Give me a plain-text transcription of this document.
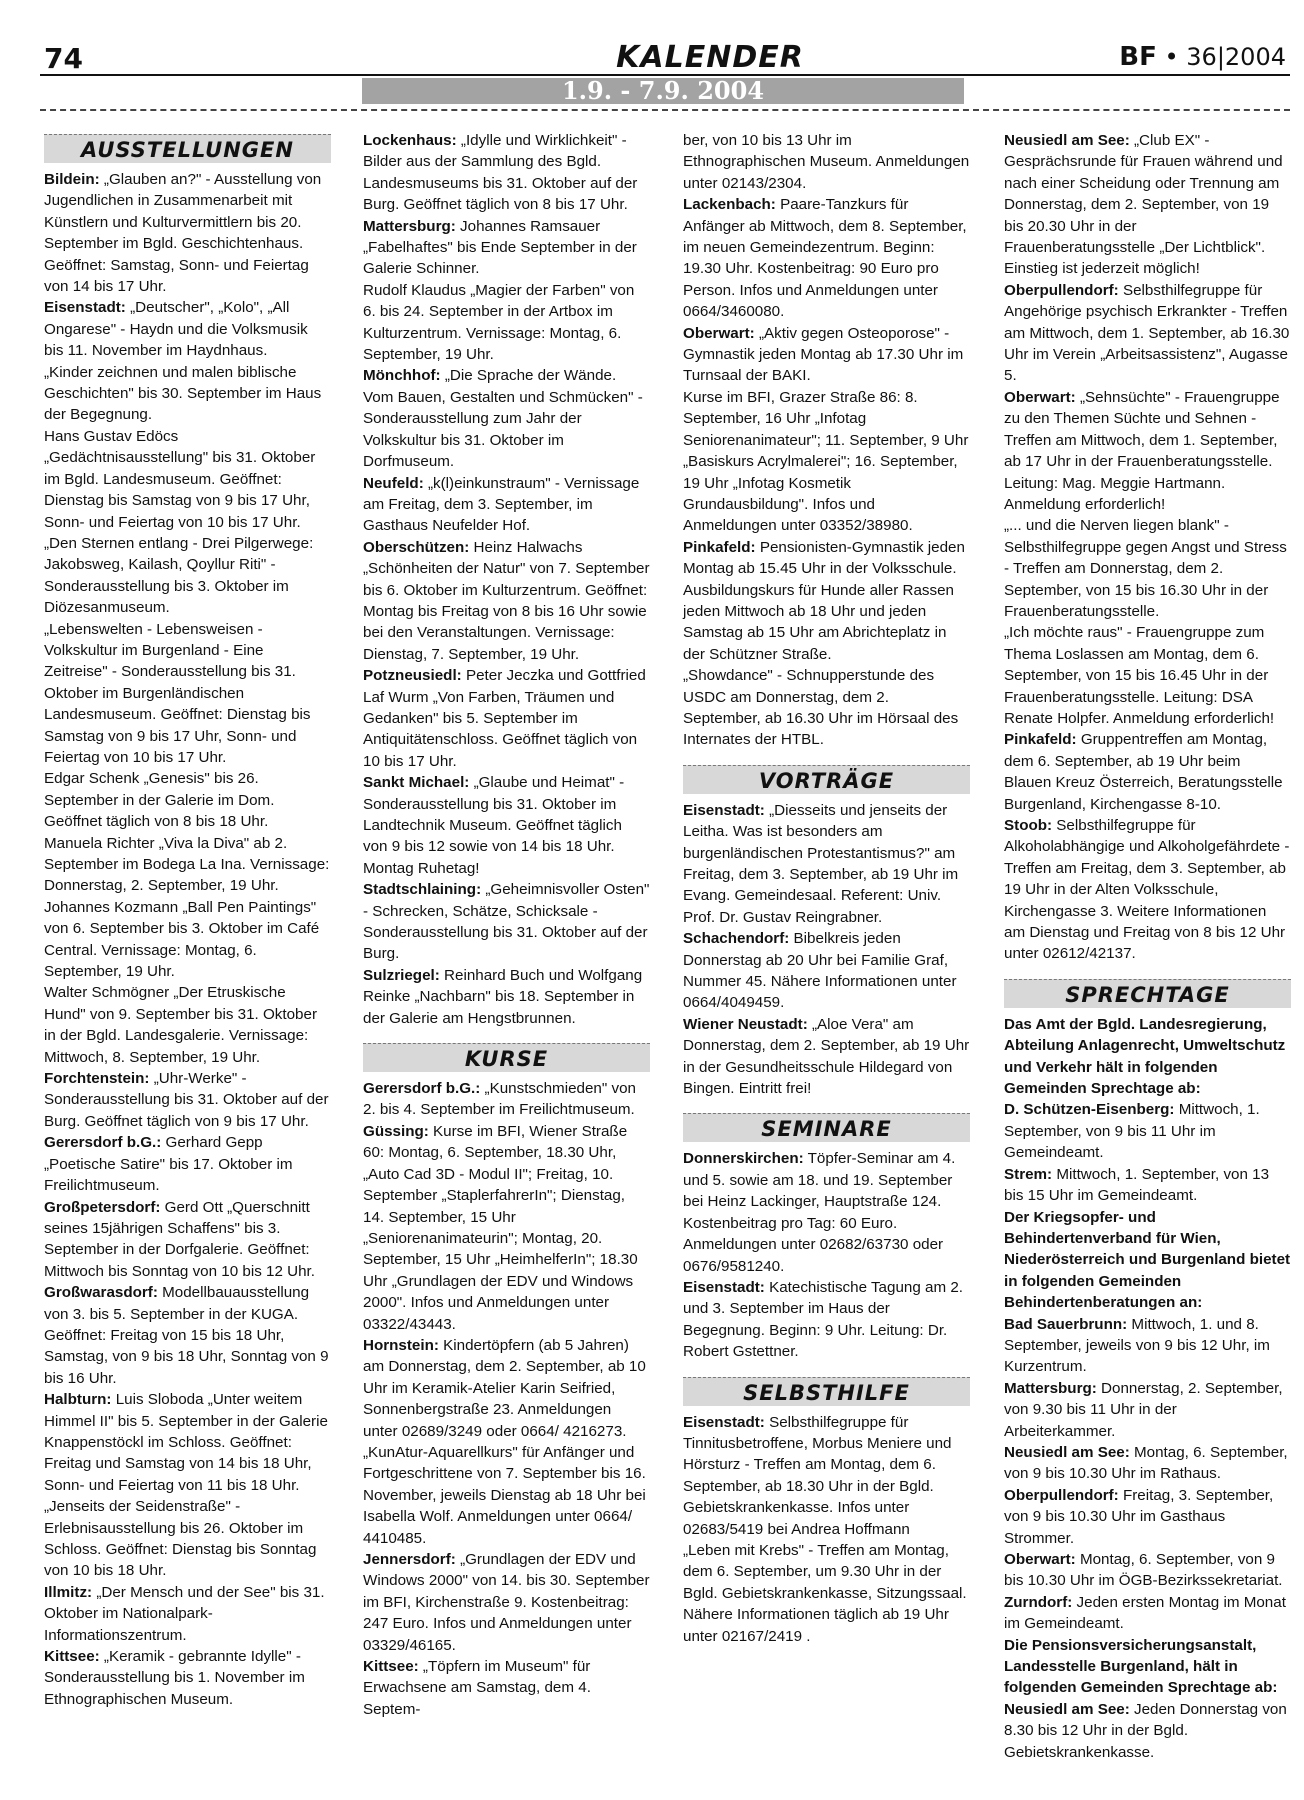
74	KALENDER
1.9. - 7.9. 2004
BF • 36|2004
AUSSTELLUNGEN

Bildein: „Glauben an?" - Ausstellung von Jugendlichen in Zusammenarbeit mit Künstlern und Kulturvermittlern bis 20. September im Bgld. Geschichtenhaus. Geöffnet: Samstag, Sonn- und Feiertag von 14 bis 17 Uhr.

Eisenstadt: „Deutscher", „Kolo", „All Ongarese" - Haydn und die Volksmusik bis 11. November im Haydnhaus.

„Kinder zeichnen und malen biblische Geschichten" bis 30. September im Haus der Begegnung.

Hans Gustav Edöcs „Gedächtnisausstellung" bis 31. Oktober im Bgld. Landesmuseum. Geöffnet: Dienstag bis Samstag von 9 bis 17 Uhr, Sonn- und Feiertag von 10 bis 17 Uhr.

„Den Sternen entlang - Drei Pilgerwege: Jakobsweg, Kailash, Qoyllur Riti" - Sonderausstellung bis 3. Oktober im Diözesanmuseum.

„Lebenswelten - Lebensweisen - Volkskultur im Burgenland - Eine Zeitreise" - Sonderausstellung bis 31. Oktober im Burgenländischen Landesmuseum. Geöffnet: Dienstag bis Samstag von 9 bis 17 Uhr, Sonn- und Feiertag von 10 bis 17 Uhr.

Edgar Schenk „Genesis" bis 26. September in der Galerie im Dom. Geöffnet täglich von 8 bis 18 Uhr.

Manuela Richter „Viva la Diva" ab 2. September im Bodega La Ina. Vernissage: Donnerstag, 2. September, 19 Uhr.

Johannes Kozmann „Ball Pen Paintings" von 6. September bis 3. Oktober im Café Central. Vernissage: Montag, 6. September, 19 Uhr.

Walter Schmögner „Der Etruskische Hund" von 9. September bis 31. Oktober in der Bgld. Landesgalerie. Vernissage: Mittwoch, 8. September, 19 Uhr.

Forchtenstein: „Uhr-Werke" - Sonderausstellung bis 31. Oktober auf der Burg. Geöffnet täglich von 9 bis 17 Uhr.

Gerersdorf b.G.: Gerhard Gepp „Poetische Satire" bis 17. Oktober im Freilichtmuseum.

Großpetersdorf: Gerd Ott „Querschnitt seines 15jährigen Schaffens" bis 3. September in der Dorfgalerie. Geöffnet: Mittwoch bis Sonntag von 10 bis 12 Uhr.

Großwarasdorf: Modellbauausstellung von 3. bis 5. September in der KUGA. Geöffnet: Freitag von 15 bis 18 Uhr, Samstag, von 9 bis 18 Uhr, Sonntag von 9 bis 16 Uhr.

Halbturn: Luis Sloboda „Unter weitem Himmel II" bis 5. September in der Galerie Knappenstöckl im Schloss. Geöffnet: Freitag und Samstag von 14 bis 18 Uhr, Sonn- und Feiertag von 11 bis 18 Uhr.

„Jenseits der Seidenstraße" - Erlebnisausstellung bis 26. Oktober im Schloss. Geöffnet: Dienstag bis Sonntag von 10 bis 18 Uhr.

Illmitz: „Der Mensch und der See" bis 31. Oktober im Nationalpark-Informationszentrum.

Kittsee: „Keramik - gebrannte Idylle" - Sonderausstellung bis 1. November im Ethnographischen Museum.

Lockenhaus: „Idylle und Wirklichkeit" - Bilder aus der Sammlung des Bgld. Landesmuseums bis 31. Oktober auf der Burg. Geöffnet täglich von 8 bis 17 Uhr.

Mattersburg: Johannes Ramsauer „Fabelhaftes" bis Ende September in der Galerie Schinner.

Rudolf Klaudus „Magier der Farben" von 6. bis 24. September in der Artbox im Kulturzentrum. Vernissage: Montag, 6. September, 19 Uhr.

Mönchhof: „Die Sprache der Wände. Vom Bauen, Gestalten und Schmücken" - Sonderausstellung zum Jahr der Volkskultur bis 31. Oktober im Dorfmuseum.

Neufeld: „k(l)einkunstraum" - Vernissage am Freitag, dem 3. September, im Gasthaus Neufelder Hof.

Oberschützen: Heinz Halwachs „Schönheiten der Natur" von 7. September bis 6. Oktober im Kulturzentrum. Geöffnet: Montag bis Freitag von 8 bis 16 Uhr sowie bei den Veranstaltungen. Vernissage: Dienstag, 7. September, 19 Uhr.

Potzneusiedl: Peter Jeczka und Gottfried Laf Wurm „Von Farben, Träumen und Gedanken" bis 5. September im Antiquitätenschloss. Geöffnet täglich von 10 bis 17 Uhr.

Sankt Michael: „Glaube und Heimat" - Sonderausstellung bis 31. Oktober im Landtechnik Museum. Geöffnet täglich von 9 bis 12 sowie von 14 bis 18 Uhr. Montag Ruhetag!

Stadtschlaining: „Geheimnisvoller Osten" - Schrecken, Schätze, Schicksale - Sonderausstellung bis 31. Oktober auf der Burg.

Sulzriegel: Reinhard Buch und Wolfgang Reinke „Nachbarn" bis 18. September in der Galerie am Hengstbrunnen.

KURSE

Gerersdorf b.G.: „Kunstschmieden" von 2. bis 4. September im Freilichtmuseum.

Güssing: Kurse im BFI, Wiener Straße 60: Montag, 6. September, 18.30 Uhr, „Auto Cad 3D - Modul II"; Freitag, 10. September „StaplerfahrerIn"; Dienstag, 14. September, 15 Uhr „Seniorenanimateurin"; Montag, 20. September, 15 Uhr „HeimhelferIn"; 18.30 Uhr „Grundlagen der EDV und Windows 2000". Infos und Anmeldungen unter 03322/43443.

Hornstein: Kindertöpfern (ab 5 Jahren) am Donnerstag, dem 2. September, ab 10 Uhr im Keramik-Atelier Karin Seifried, Sonnenbergstraße 23. Anmeldungen unter 02689/3249 oder 0664/ 4216273.

„KunAtur-Aquarellkurs" für Anfänger und Fortgeschrittene von 7. September bis 16. November, jeweils Dienstag ab 18 Uhr bei Isabella Wolf. Anmeldungen unter 0664/ 4410485.

Jennersdorf: „Grundlagen der EDV und Windows 2000" von 14. bis 30. September im BFI, Kirchenstraße 9. Kostenbeitrag: 247 Euro. Infos und Anmeldungen unter 03329/46165.

Kittsee: „Töpfern im Museum" für Erwachsene am Samstag, dem 4. Septem-

ber, von 10 bis 13 Uhr im Ethnographischen Museum. Anmeldungen unter 02143/2304.

Lackenbach: Paare-Tanzkurs für Anfänger ab Mittwoch, dem 8. September, im neuen Gemeindezentrum. Beginn: 19.30 Uhr. Kostenbeitrag: 90 Euro pro Person. Infos und Anmeldungen unter 0664/3460080.

Oberwart: „Aktiv gegen Osteoporose" - Gymnastik jeden Montag ab 17.30 Uhr im Turnsaal der BAKI.

Kurse im BFI, Grazer Straße 86: 8. September, 16 Uhr „Infotag Seniorenanimateur"; 11. September, 9 Uhr „Basiskurs Acrylmalerei"; 16. September, 19 Uhr „Infotag Kosmetik Grundausbildung". Infos und Anmeldungen unter 03352/38980.

Pinkafeld: Pensionisten-Gymnastik jeden Montag ab 15.45 Uhr in der Volksschule.

Ausbildungskurs für Hunde aller Rassen jeden Mittwoch ab 18 Uhr und jeden Samstag ab 15 Uhr am Abrichteplatz in der Schützner Straße.

„Showdance" - Schnupperstunde des USDC am Donnerstag, dem 2. September, ab 16.30 Uhr im Hörsaal des Internates der HTBL.

VORTRÄGE

Eisenstadt: „Diesseits und jenseits der Leitha. Was ist besonders am burgenländischen Protestantismus?" am Freitag, dem 3. September, ab 19 Uhr im Evang. Gemeindesaal. Referent: Univ. Prof. Dr. Gustav Reingrabner.

Schachendorf: Bibelkreis jeden Donnerstag ab 20 Uhr bei Familie Graf, Nummer 45. Nähere Informationen unter 0664/4049459.

Wiener Neustadt: „Aloe Vera" am Donnerstag, dem 2. September, ab 19 Uhr in der Gesundheitsschule Hildegard von Bingen. Eintritt frei!

SEMINARE

Donnerskirchen: Töpfer-Seminar am 4. und 5. sowie am 18. und 19. September bei Heinz Lackinger, Hauptstraße 124. Kostenbeitrag pro Tag: 60 Euro. Anmeldungen unter 02682/63730 oder 0676/9581240.

Eisenstadt: Katechistische Tagung am 2. und 3. September im Haus der Begegnung. Beginn: 9 Uhr. Leitung: Dr. Robert Gstettner.

SELBSTHILFE

Eisenstadt: Selbsthilfegruppe für Tinnitusbetroffene, Morbus Meniere und Hörsturz - Treffen am Montag, dem 6. September, ab 18.30 Uhr in der Bgld. Gebietskrankenkasse. Infos unter 02683/5419 bei Andrea Hoffmann

„Leben mit Krebs" - Treffen am Montag, dem 6. September, um 9.30 Uhr in der Bgld. Gebietskrankenkasse, Sitzungssaal. Nähere Informationen täglich ab 19 Uhr unter 02167/2419 .

Neusiedl am See: „Club EX" - Gesprächsrunde für Frauen während und nach einer Scheidung oder Trennung am Donnerstag, dem 2. September, von 19 bis 20.30 Uhr in der Frauenberatungsstelle „Der Lichtblick". Einstieg ist jederzeit möglich!

Oberpullendorf: Selbsthilfegruppe für Angehörige psychisch Erkrankter - Treffen am Mittwoch, dem 1. September, ab 16.30 Uhr im Verein „Arbeitsassistenz", Augasse 5.

Oberwart: „Sehnsüchte" - Frauengruppe zu den Themen Süchte und Sehnen - Treffen am Mittwoch, dem 1. September, ab 17 Uhr in der Frauenberatungsstelle. Leitung: Mag. Meggie Hartmann. Anmeldung erforderlich!

„... und die Nerven liegen blank" - Selbsthilfegruppe gegen Angst und Stress - Treffen am Donnerstag, dem 2. September, von 15 bis 16.30 Uhr in der Frauenberatungsstelle.

„Ich möchte raus" - Frauengruppe zum Thema Loslassen am Montag, dem 6. September, von 15 bis 16.45 Uhr in der Frauenberatungsstelle. Leitung: DSA Renate Holpfer. Anmeldung erforderlich!

Pinkafeld: Gruppentreffen am Montag, dem 6. September, ab 19 Uhr beim Blauen Kreuz Österreich, Beratungsstelle Burgenland, Kirchengasse 8-10.

Stoob: Selbsthilfegruppe für Alkoholabhängige und Alkoholgefährdete - Treffen am Freitag, dem 3. September, ab 19 Uhr in der Alten Volksschule, Kirchengasse 3. Weitere Informationen am Dienstag und Freitag von 8 bis 12 Uhr unter 02612/42137.

SPRECHTAGE

Das Amt der Bgld. Landesregierung, Abteilung Anlagenrecht, Umweltschutz und Verkehr hält in folgenden Gemeinden Sprechtage ab:

D. Schützen-Eisenberg: Mittwoch, 1. September, von 9 bis 11 Uhr im Gemeindeamt.

Strem: Mittwoch, 1. September, von 13 bis 15 Uhr im Gemeindeamt.

Der Kriegsopfer- und Behindertenverband für Wien, Niederösterreich und Burgenland bietet in folgenden Gemeinden Behindertenberatungen an:

Bad Sauerbrunn: Mittwoch, 1. und 8. September, jeweils von 9 bis 12 Uhr, im Kurzentrum.

Mattersburg: Donnerstag, 2. September, von 9.30 bis 11 Uhr in der Arbeiterkammer.

Neusiedl am See: Montag, 6. September, von 9 bis 10.30 Uhr im Rathaus.

Oberpullendorf: Freitag, 3. September, von 9 bis 10.30 Uhr im Gasthaus Strommer.

Oberwart: Montag, 6. September, von 9 bis 10.30 Uhr im ÖGB-Bezirkssekretariat.

Zurndorf: Jeden ersten Montag im Monat im Gemeindeamt.

Die Pensionsversicherungsanstalt, Landesstelle Burgenland, hält in folgenden Gemeinden Sprechtage ab:

Neusiedl am See: Jeden Donnerstag von 8.30 bis 12 Uhr in der Bgld. Gebietskrankenkasse.
